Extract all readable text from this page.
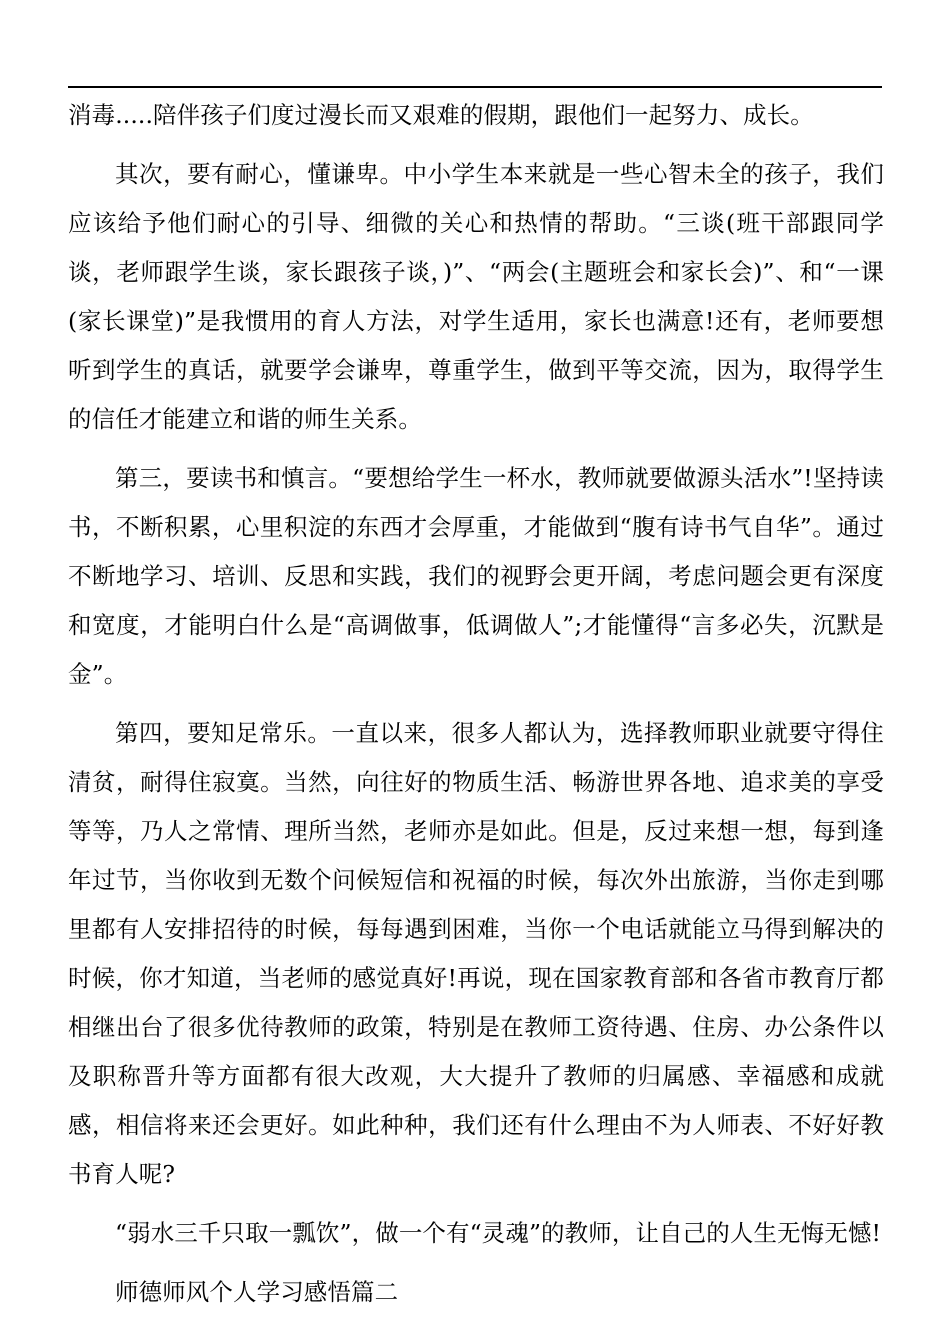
消毒.....陪伴孩子们度过漫长而又艰难的假期，跟他们一起努力、成长。

其次，要有耐心，懂谦卑。中小学生本来就是一些心智未全的孩子，我们应该给予他们耐心的引导、细微的关心和热情的帮助。“三谈(班干部跟同学谈，老师跟学生谈，家长跟孩子谈，)”、“两会(主题班会和家长会)”、和“一课(家长课堂)”是我惯用的育人方法，对学生适用，家长也满意!还有，老师要想听到学生的真话，就要学会谦卑，尊重学生，做到平等交流，因为，取得学生的信任才能建立和谐的师生关系。

第三，要读书和慎言。“要想给学生一杯水，教师就要做源头活水”!坚持读书，不断积累，心里积淀的东西才会厚重，才能做到“腹有诗书气自华”。通过不断地学习、培训、反思和实践，我们的视野会更开阔，考虑问题会更有深度和宽度，才能明白什么是“高调做事，低调做人”;才能懂得“言多必失，沉默是金”。

第四，要知足常乐。一直以来，很多人都认为，选择教师职业就要守得住清贫，耐得住寂寞。当然，向往好的物质生活、畅游世界各地、追求美的享受等等，乃人之常情、理所当然，老师亦是如此。但是，反过来想一想，每到逢年过节，当你收到无数个问候短信和祝福的时候，每次外出旅游，当你走到哪里都有人安排招待的时候，每每遇到困难，当你一个电话就能立马得到解决的时候，你才知道，当老师的感觉真好!再说，现在国家教育部和各省市教育厅都相继出台了很多优待教师的政策，特别是在教师工资待遇、住房、办公条件以及职称晋升等方面都有很大改观，大大提升了教师的归属感、幸福感和成就感，相信将来还会更好。如此种种，我们还有什么理由不为人师表、不好好教书育人呢?

“弱水三千只取一瓢饮”，做一个有“灵魂”的教师，让自己的人生无悔无憾!

师德师风个人学习感悟篇二
